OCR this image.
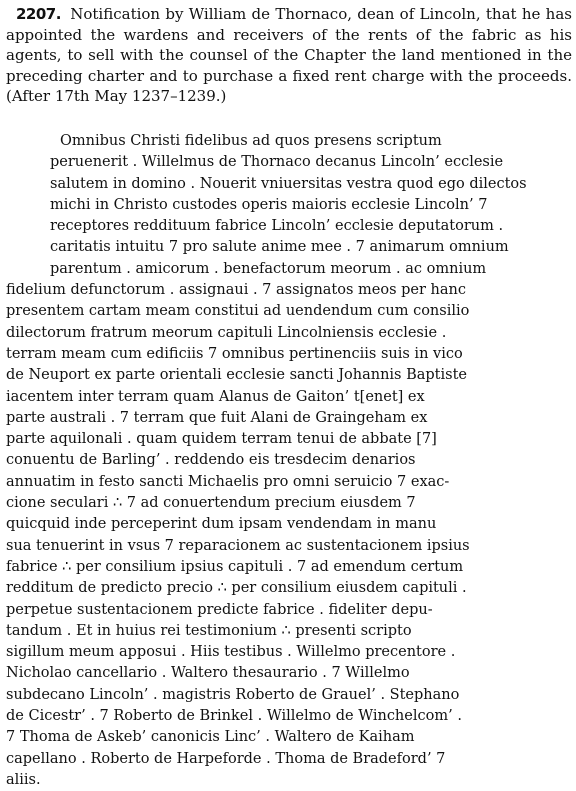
2207. Notification by William de Thornaco, dean of Lincoln, that he has appointed the wardens and receivers of the rents of the fabric as his agents, to sell with the counsel of the Chapter the land mentioned in the preceding charter and to purchase a fixed rent charge with the proceeds. (After 17th May 1237–1239.)
Omnibus Christi fidelibus ad quos presens scriptum
peruenerit . Willelmus de Thornaco decanus Lincoln’ ecclesie
salutem in domino . Nouerit vniuersitas vestra quod ego dilectos
michi in Christo custodes operis maioris ecclesie Lincoln’ 7
receptores reddituum fabrice Lincoln’ ecclesie deputatorum .
caritatis intuitu 7 pro salute anime mee . 7 animarum omnium
parentum . amicorum . benefactorum meorum . ac omnium
fidelium defunctorum . assignaui . 7 assignatos meos per hanc
presentem cartam meam constitui ad uendendum cum consilio
dilectorum fratrum meorum capituli Lincolniensis ecclesie .
terram meam cum edificiis 7 omnibus pertinenciis suis in vico
de Neuport ex parte orientali ecclesie sancti Johannis Baptiste
iacentem inter terram quam Alanus de Gaiton’ t[enet] ex
parte australi . 7 terram que fuit Alani de Graingeham ex
parte aquilonali . quam quidem terram tenui de abbate [7]
conuentu de Barling’ . reddendo eis tresdecim denarios
annuatim in festo sancti Michaelis pro omni seruicio 7 exac-
cione seculari ∴ 7 ad conuertendum precium eiusdem 7
quicquid inde perceperint dum ipsam vendendam in manu
sua tenuerint in vsus 7 reparacionem ac sustentacionem ipsius
fabrice ∴ per consilium ipsius capituli . 7 ad emendum certum
redditum de predicto precio ∴ per consilium eiusdem capituli .
perpetue sustentacionem predicte fabrice . fideliter depu-
tandum . Et in huius rei testimonium ∴ presenti scripto
sigillum meum apposui . Hiis testibus . Willelmo precentore .
Nicholao cancellario . Waltero thesaurario . 7 Willelmo
subdecano Lincoln’ . magistris Roberto de Grauel’ . Stephano
de Cicestr’ . 7 Roberto de Brinkel . Willelmo de Winchelcom’ .
7 Thoma de Askeb’ canonicis Linc’ . Waltero de Kaiham
capellano . Roberto de Harpeforde . Thoma de Bradeford’ 7
aliis.
